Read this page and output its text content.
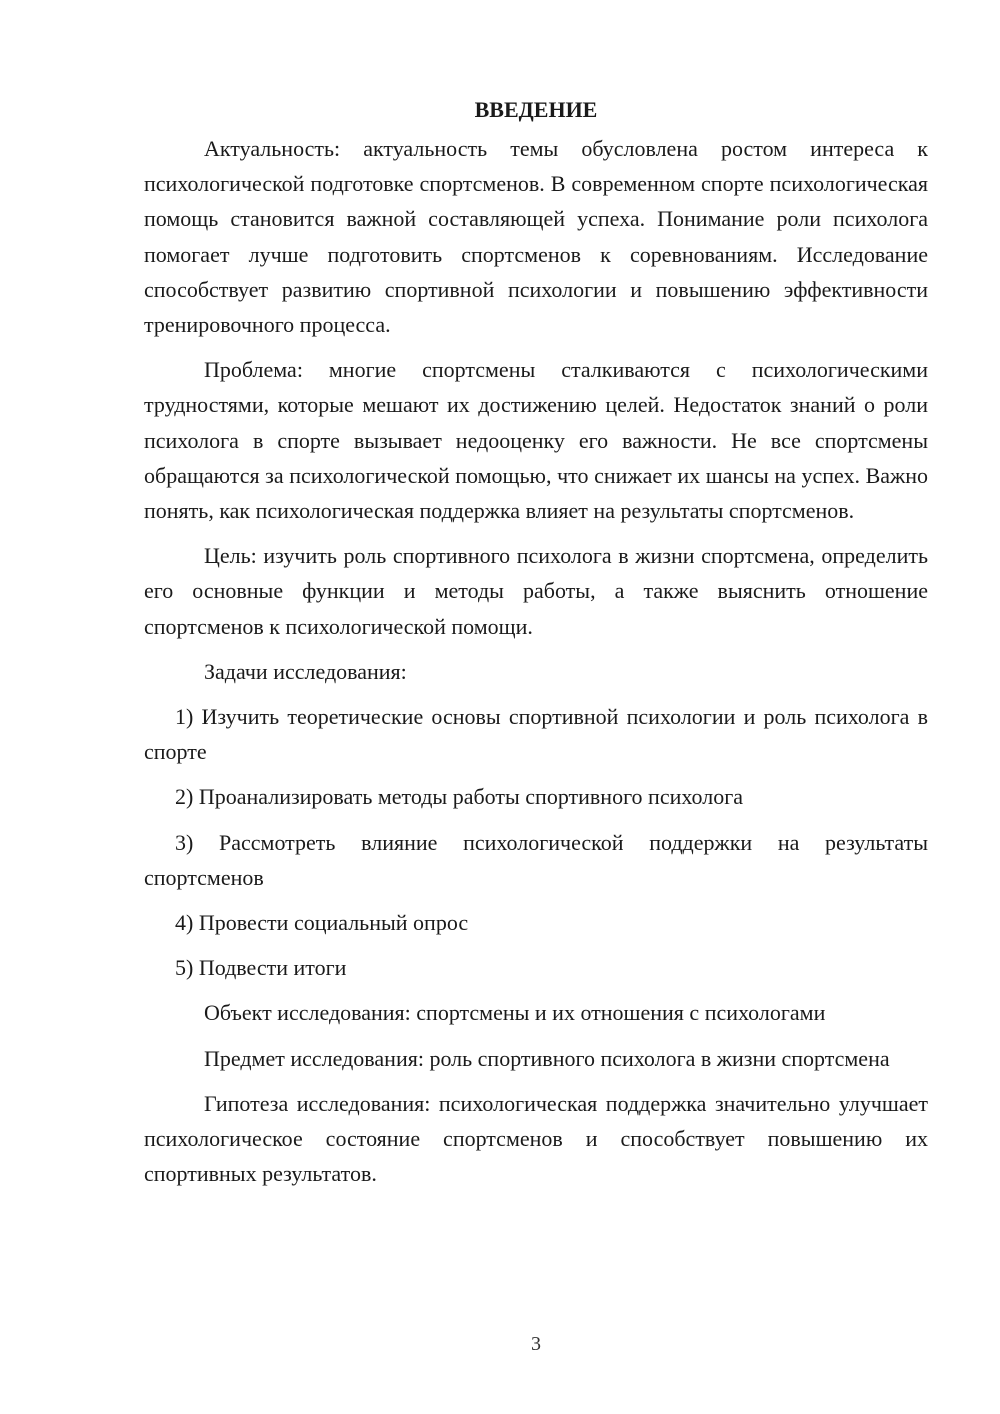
ВВЕДЕНИЕ

Актуальность: актуальность темы обусловлена ростом интереса к психологической подготовке спортсменов. В современном спорте психологическая помощь становится важной составляющей успеха. Понимание роли психолога помогает лучше подготовить спортсменов к соревнованиям. Исследование способствует развитию спортивной психологии и повышению эффективности тренировочного процесса.

Проблема: многие спортсмены сталкиваются с психологическими трудностями, которые мешают их достижению целей. Недостаток знаний о роли психолога в спорте вызывает недооценку его важности. Не все спортсмены обращаются за психологической помощью, что снижает их шансы на успех. Важно понять, как психологическая поддержка влияет на результаты спортсменов.

Цель: изучить роль спортивного психолога в жизни спортсмена, определить его основные функции и методы работы, а также выяснить отношение спортсменов к психологической помощи.

Задачи исследования:

1) Изучить теоретические основы спортивной психологии и роль психолога в спорте

2) Проанализировать методы работы спортивного психолога

3) Рассмотреть влияние психологической поддержки на результаты спортсменов

4) Провести социальный опрос

5) Подвести итоги

Объект исследования: спортсмены и их отношения с психологами

Предмет исследования: роль спортивного психолога в жизни спортсмена

Гипотеза исследования: психологическая поддержка значительно улучшает психологическое состояние спортсменов и способствует повышению их спортивных результатов.

3
